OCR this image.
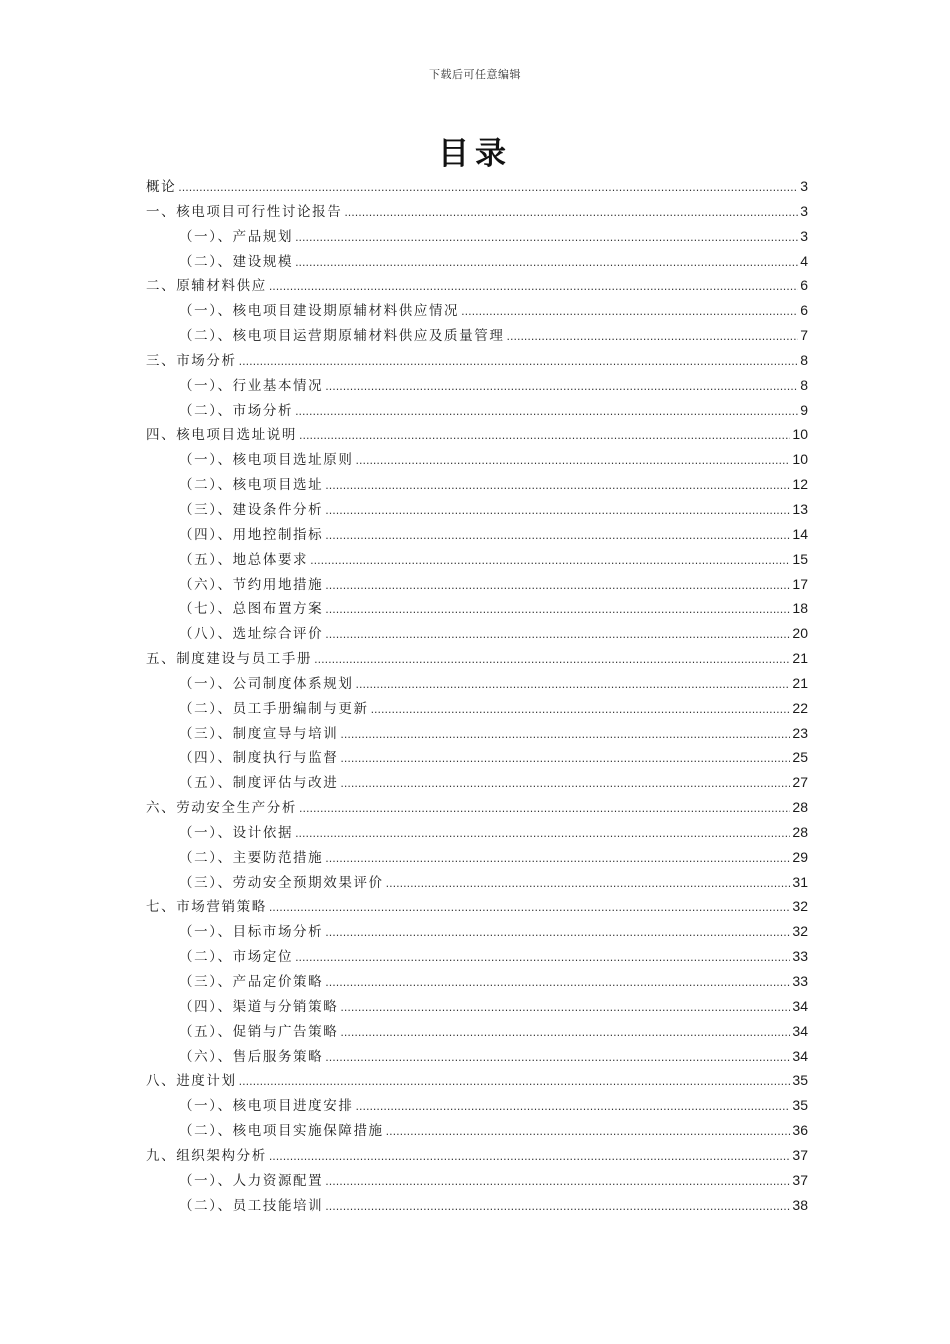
下载后可任意编辑
目录
概论 .....	3
一、核电项目可行性讨论报告 .....	3
（一）、产品规划 .....	3
（二）、建设规模 .....	4
二、原辅材料供应 .....	6
（一）、核电项目建设期原辅材料供应情况 .....	6
（二）、核电项目运营期原辅材料供应及质量管理 .....	7
三、市场分析 .....	8
（一）、行业基本情况 .....	8
（二）、市场分析 .....	9
四、核电项目选址说明 .....	10
（一）、核电项目选址原则 .....	10
（二）、核电项目选址 .....	12
（三）、建设条件分析 .....	13
（四）、用地控制指标 .....	14
（五）、地总体要求 .....	15
（六）、节约用地措施 .....	17
（七）、总图布置方案 .....	18
（八）、选址综合评价 .....	20
五、制度建设与员工手册 .....	21
（一）、公司制度体系规划 .....	21
（二）、员工手册编制与更新 .....	22
（三）、制度宣导与培训 .....	23
（四）、制度执行与监督 .....	25
（五）、制度评估与改进 .....	27
六、劳动安全生产分析 .....	28
（一）、设计依据 .....	28
（二）、主要防范措施 .....	29
（三）、劳动安全预期效果评价 .....	31
七、市场营销策略 .....	32
（一）、目标市场分析 .....	32
（二）、市场定位 .....	33
（三）、产品定价策略 .....	33
（四）、渠道与分销策略 .....	34
（五）、促销与广告策略 .....	34
（六）、售后服务策略 .....	34
八、进度计划 .....	35
（一）、核电项目进度安排 .....	35
（二）、核电项目实施保障措施 .....	36
九、组织架构分析 .....	37
（一）、人力资源配置 .....	37
（二）、员工技能培训 .....	38
